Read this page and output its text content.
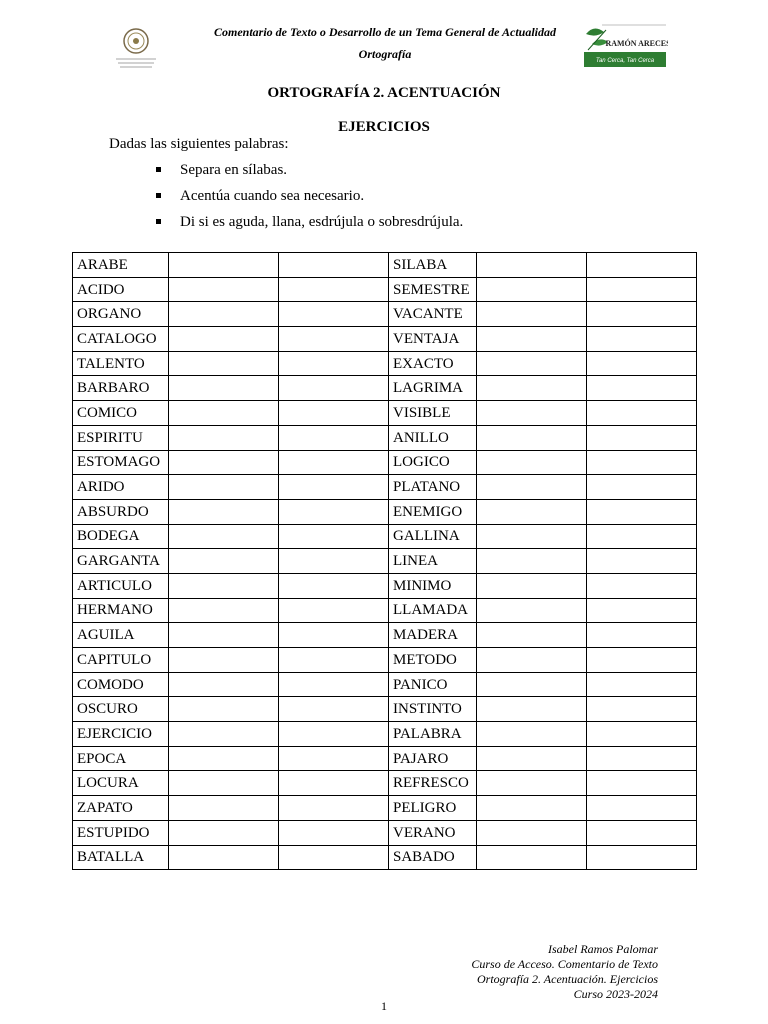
RAMÓN ARECES
Tan Cerca, Tan Cerca
Comentario de Texto o Desarrollo de un Tema General de Actualidad
Ortografía
ORTOGRAFÍA 2. ACENTUACIÓN
EJERCICIOS
Dadas las siguientes palabras:
Separa en sílabas.
Acentúa cuando sea necesario.
Di si es aguda, llana, esdrújula o sobresdrújula.
ARABE			SILABA		
ACIDO			SEMESTRE		
ORGANO			VACANTE		
CATALOGO			VENTAJA		
TALENTO			EXACTO		
BARBARO			LAGRIMA		
COMICO			VISIBLE		
ESPIRITU			ANILLO		
ESTOMAGO			LOGICO		
ARIDO			PLATANO		
ABSURDO			ENEMIGO		
BODEGA			GALLINA		
GARGANTA			LINEA		
ARTICULO			MINIMO		
HERMANO			LLAMADA		
AGUILA			MADERA		
CAPITULO			METODO		
COMODO			PANICO		
OSCURO			INSTINTO		
EJERCICIO			PALABRA		
EPOCA			PAJARO		
LOCURA			REFRESCO		
ZAPATO			PELIGRO		
ESTUPIDO			VERANO		
BATALLA			SABADO		
Isabel Ramos Palomar
Curso de Acceso. Comentario de Texto
Ortografía 2. Acentuación. Ejercicios
Curso 2023-2024
1
